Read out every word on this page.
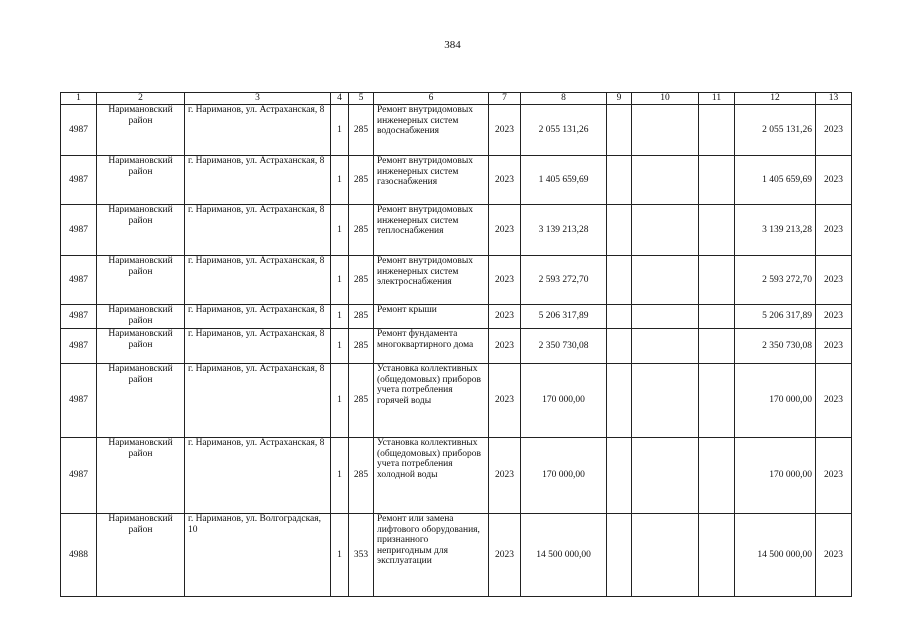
384
1	2	3	4	5	6	7	8	9	10	11	12	13
4987	Наримановский район	г. Нариманов, ул. Астраханская, 8	1	285	Ремонт внутридомовых инженерных систем водоснабжения	2023	2 055 131,26				2 055 131,26	2023
4987	Наримановский район	г. Нариманов, ул. Астраханская, 8	1	285	Ремонт внутридомовых инженерных систем газоснабжения	2023	1 405 659,69				1 405 659,69	2023
4987	Наримановский район	г. Нариманов, ул. Астраханская, 8	1	285	Ремонт внутридомовых инженерных систем теплоснабжения	2023	3 139 213,28				3 139 213,28	2023
4987	Наримановский район	г. Нариманов, ул. Астраханская, 8	1	285	Ремонт внутридомовых инженерных систем электроснабжения	2023	2 593 272,70				2 593 272,70	2023
4987	Наримановский район	г. Нариманов, ул. Астраханская, 8	1	285	Ремонт крыши	2023	5 206 317,89				5 206 317,89	2023
4987	Наримановский район	г. Нариманов, ул. Астраханская, 8	1	285	Ремонт фундамента многоквартирного дома	2023	2 350 730,08				2 350 730,08	2023
4987	Наримановский район	г. Нариманов, ул. Астраханская, 8	1	285	Установка коллективных (общедомовых) приборов учета потребления горячей воды	2023	170 000,00				170 000,00	2023
4987	Наримановский район	г. Нариманов, ул. Астраханская, 8	1	285	Установка коллективных (общедомовых) приборов учета потребления холодной воды	2023	170 000,00				170 000,00	2023
4988	Наримановский район	г. Нариманов, ул. Волгоградская, 10	1	353	Ремонт или замена лифтового оборудования, признанного непригодным для эксплуатации	2023	14 500 000,00				14 500 000,00	2023
